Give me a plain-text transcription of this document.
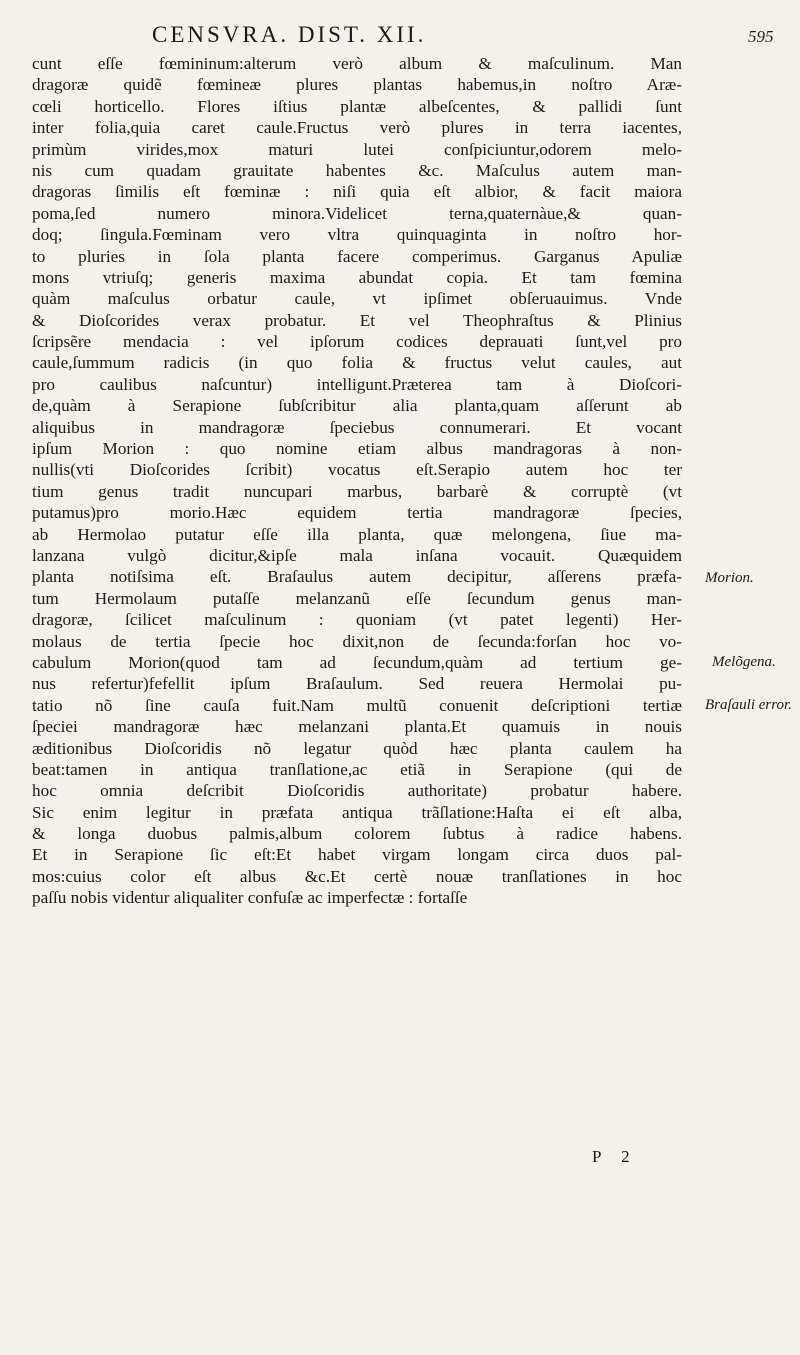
CENSVRA. DIST. XII.	595
cunt eſſe fœmininum:alterum verò album & maſculinum. Man
dragoræ quidẽ fœmineæ plures plantas habemus,in noſtro Aræ-
cœli horticello. Flores iſtius plantæ albeſcentes, & pallidi ſunt
inter folia,quia caret caule.Fructus verò plures in terra iacentes,
primùm virides,mox maturi lutei conſpiciuntur,odorem melo-
nis cum quadam grauitate habentes &c. Maſculus autem man-
dragoras ſimilis eſt fœminæ : niſi quia eſt albior, & facit maiora
poma,ſed numero minora.Videlicet terna,quaternàue,& quan-
doq; ſingula.Fœminam vero vltra quinquaginta in noſtro hor-
to pluries in ſola planta facere comperimus. Garganus Apuliæ
mons vtriuſq; generis maxima abundat copia. Et tam fœmina
quàm maſculus orbatur caule, vt ipſimet obſeruauimus. Vnde
& Dioſcorides verax probatur. Et vel Theophraſtus & Plinius
ſcripsẽre mendacia : vel ipſorum codices deprauati ſunt,vel pro
caule,ſummum radicis (in quo folia & fructus velut caules, aut
pro caulibus naſcuntur) intelligunt.Præterea tam à Dioſcori-
de,quàm à Serapione ſubſcribitur alia planta,quam aſſerunt ab
aliquibus in mandragoræ ſpeciebus connumerari. Et vocant
ipſum Morion : quo nomine etiam albus mandragoras à non-
nullis(vti Dioſcorides ſcribit) vocatus eſt.Serapio autem hoc ter
tium genus tradit nuncupari marbus, barbarè & corruptè (vt
putamus)pro morio.Hæc equidem tertia mandragoræ ſpecies,
ab Hermolao putatur eſſe illa planta, quæ melongena, ſiue ma-
lanzana vulgò dicitur,&ipſe mala inſana vocauit. Quæquidem
planta notiſsima eſt. Braſaulus autem decipitur, aſſerens præfa-
tum Hermolaum putaſſe melanzanũ eſſe ſecundum genus man-
dragoræ, ſcilicet maſculinum : quoniam (vt patet legenti) Her-
molaus de tertia ſpecie hoc dixit,non de ſecunda:forſan hoc vo-
cabulum Morion(quod tam ad ſecundum,quàm ad tertium ge-
nus refertur)fefellit ipſum Braſaulum. Sed reuera Hermolai pu-
tatio nõ ſine cauſa fuit.Nam multũ conuenit deſcriptioni tertiæ
ſpeciei mandragoræ hæc melanzani planta.Et quamuis in nouis
æditionibus Dioſcoridis nõ legatur quòd hæc planta caulem ha
beat:tamen in antiqua tranſlatione,ac etiã in Serapione (qui de
hoc omnia deſcribit Dioſcoridis authoritate) probatur habere.
Sic enim legitur in præfata antiqua trãſlatione:Haſta ei eſt alba,
& longa duobus palmis,album colorem ſubtus à radice habens.
Et in Serapione ſic eſt:Et habet virgam longam circa duos pal-
mos:cuius color eſt albus &c.Et certè nouæ tranſlationes in hoc
paſſu nobis videntur aliqualiter confuſæ ac imperfectæ : fortaſſe
Morion.
Melõgena.
Braſauli error.
P 2
